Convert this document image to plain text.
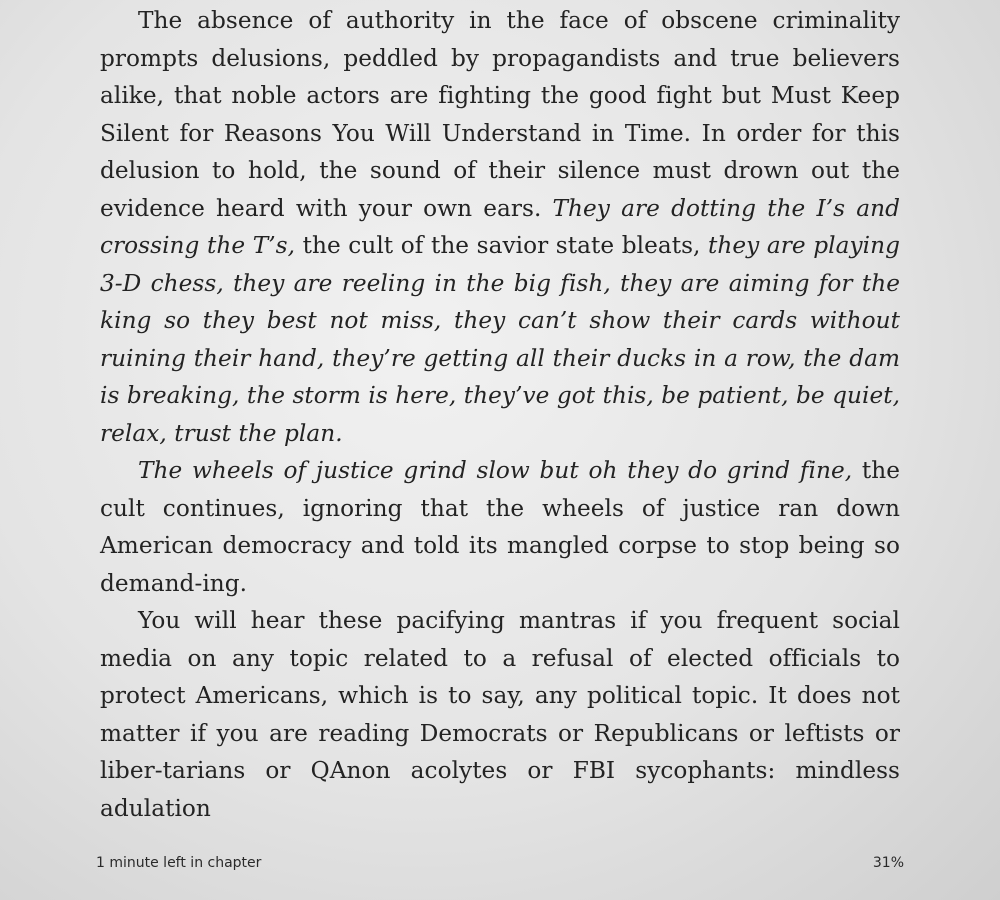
The absence of authority in the face of obscene criminality prompts delusions, peddled by propagandists and true believers alike, that noble actors are fighting the good fight but Must Keep Silent for Reasons You Will Understand in Time. In order for this delusion to hold, the sound of their silence must drown out the evidence heard with your own ears. They are dotting the I’s and crossing the T’s, the cult of the savior state bleats, they are playing 3-D chess, they are reeling in the big fish, they are aiming for the king so they best not miss, they can’t show their cards without ruining their hand, they’re getting all their ducks in a row, the dam is breaking, the storm is here, they’ve got this, be patient, be quiet, relax, trust the plan.

The wheels of justice grind slow but oh they do grind fine, the cult continues, ignoring that the wheels of justice ran down American democracy and told its mangled corpse to stop being so demand-ing.

You will hear these pacifying mantras if you frequent social media on any topic related to a refusal of elected officials to protect Americans, which is to say, any political topic. It does not matter if you are reading Democrats or Republicans or leftists or liber-tarians or QAnon acolytes or FBI sycophants: mindless adulation

1 minute left in chapter	31%
